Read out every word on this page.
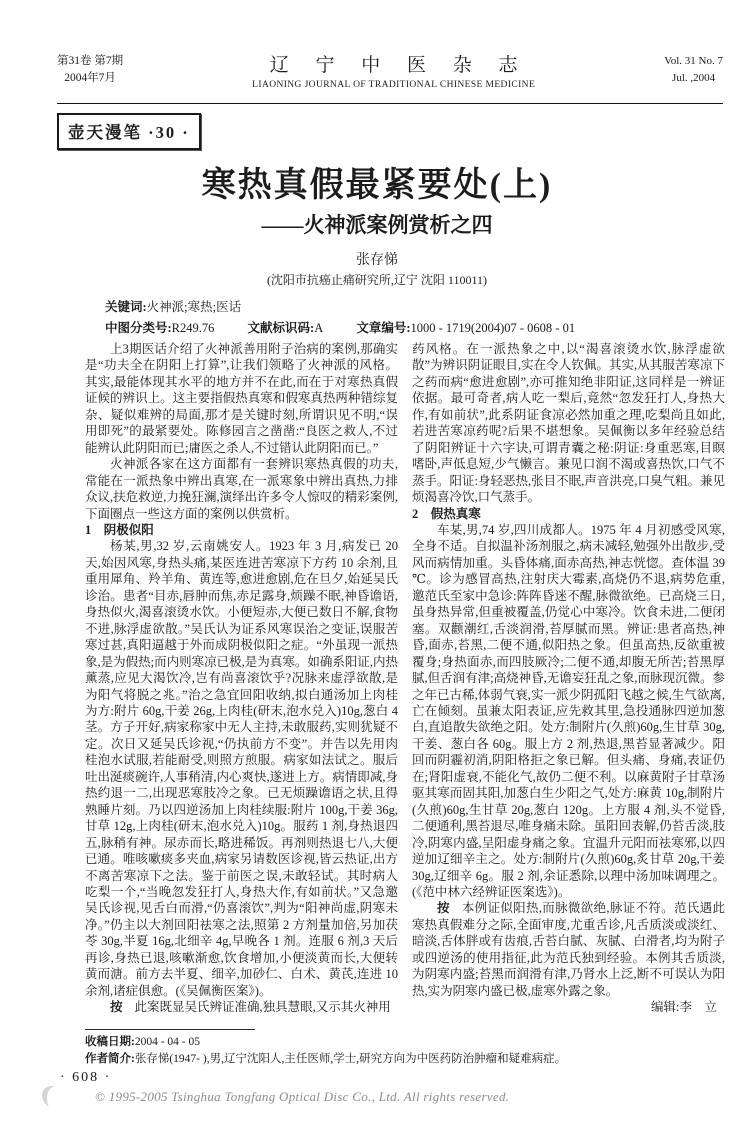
第31卷 第7期
2004年7月
辽 宁 中 医 杂 志
LIAONING JOURNAL OF TRADITIONAL CHINESE MEDICINE
Vol. 31 No. 7
Jul. ,2004
壶天漫笔 ·30 ·
寒热真假最紧要处(上)
——火神派案例赏析之四
张存悌
(沈阳市抗癌止痛研究所,辽宁 沈阳 110011)
关键词:火神派;寒热;医话
中图分类号:R249.76	文献标识码:A	文章编号:1000 - 1719(2004)07 - 0608 - 01

上3期医话介绍了火神派善用附子治病的案例,那确实是“功夫全在阴阳上打算”,让我们领略了火神派的风格。其实,最能体现其水平的地方并不在此,而在于对寒热真假证候的辨识上。这主要指假热真寒和假寒真热两种错综复杂、疑似难辨的局面,那才是关键时刻,所谓识见不明,“误用即死”的最紧要处。陈修园言之凿凿:“良医之救人,不过能辨认此阴阳而已;庸医之杀人,不过错认此阴阳而已。”

火神派各家在这方面都有一套辨识寒热真假的功夫,常能在一派热象中辨出真寒,在一派寒象中辨出真热,力排众议,扶危救逆,力挽狂澜,演绎出许多令人惊叹的精彩案例,下面圈点一些这方面的案例以供赏析。

1　阴极似阳

杨某,男,32 岁,云南姚安人。1923 年 3 月,病发已 20 天,始因风寒,身热头痛,某医连进苦寒凉下方药 10 余剂,且重用犀角、羚羊角、黄连等,愈进愈剧,危在旦夕,始延吴氏诊治。患者“目赤,唇肿而焦,赤足露身,烦躁不眠,神昏谵语,身热似火,渴喜滚烫水饮。小便短赤,大便已数日不解,食物不进,脉浮虚欲散。”吴氏认为证系风寒误治之变证,误服苦寒过甚,真阳逼越于外而成阴极似阳之症。“外虽现一派热象,是为假热;而内则寒凉已极,是为真寒。如确系阳证,内热薰蒸,应见大渴饮冷,岂有尚喜滚饮乎?况脉来虚浮欲散,是为阳气将脱之兆。”治之急宜回阳收纳,拟白通汤加上肉桂为方:附片 60g,干姜 26g,上肉桂(研末,泡水兑入)10g,葱白 4 茎。方子开好,病家称家中无人主持,未敢服药,实则犹疑不定。次日又延吴氏诊视,“仍执前方不变”。并告以先用肉桂泡水试服,若能耐受,则照方煎服。病家如法试之。服后吐出涎痰碗许,人事稍清,内心爽快,遂进上方。病情即减,身热约退一二,出现恶寒肢冷之象。已无烦躁谵语之状,且得熟睡片刻。乃以四逆汤加上肉桂续服:附片 100g,干姜 36g,甘草 12g,上肉桂(研末,泡水兑入)10g。服药 1 剂,身热退四五,脉稍有神。尿赤而长,略进稀饭。再剂则热退七八,大便已通。唯咳嗽痰多夹血,病家另请数医诊视,皆云热证,出方不离苦寒凉下之法。鉴于前医之误,未敢轻试。其时病人吃梨一个,“当晚忽发狂打人,身热大作,有如前状。”又急邀吴氏诊视,见舌白而滑,“仍喜滚饮”,判为“阳神尚虚,阴寒未净。”仍主以大剂回阳祛寒之法,照第 2 方剂量加倍,另加茯苓 30g,半夏 16g,北细辛 4g,早晚各 1 剂。连服 6 剂,3 天后再诊,身热已退,咳嗽渐愈,饮食增加,小便淡黄而长,大便转黄而溏。前方去半夏、细辛,加砂仁、白术、黄芪,连进 10 余剂,诸症俱愈。(《吴佩衡医案》)。

按 此案既显吴氏辨证准确,独具慧眼,又示其火神用

药风格。在一派热象之中,以“渴喜滚烫水饮,脉浮虚欲散”为辨识阴证眼目,实在令人钦佩。其实,从其服苦寒凉下之药而病“愈进愈剧”,亦可推知绝非阳证,这同样是一辨证依据。最可奇者,病人吃一梨后,竟然“忽发狂打人,身热大作,有如前状”,此系阴证食凉必然加重之理,吃梨尚且如此,若进苦寒凉药呢?后果不堪想象。吴佩衡以多年经验总结了阴阳辨证十六字诀,可谓青囊之秘:阴证:身重恶寒,目瞑嗜卧,声低息短,少气懒言。兼见口润不渴或喜热饮,口气不蒸手。阳证:身轻恶热,张目不眠,声音洪亮,口臭气粗。兼见烦渴喜冷饮,口气蒸手。

2　假热真寒

车某,男,74 岁,四川成都人。1975 年 4 月初感受风寒,全身不适。自拟温补汤剂服之,病未减轻,勉强外出散步,受风而病情加重。头昏体痛,面赤高热,神志恍惚。查体温 39 ℃。诊为感冒高热,注射庆大霉素,高烧仍不退,病势危重,邀范氏至家中急诊:阵阵昏迷不醒,脉微欲绝。已高烧三日,虽身热异常,但重被覆盖,仍觉心中寒冷。饮食未进,二便闭塞。双颧潮红,舌淡润滑,苔厚腻而黑。辨证:患者高热,神昏,面赤,苔黑,二便不通,似阳热之象。但虽高热,反欲重被覆身;身热面赤,而四肢厥冷;二便不通,却腹无所苦;苔黑厚腻,但舌润有津;高烧神昏,无谵妄狂乱之象,而脉现沉微。参之年已古稀,体弱气衰,实一派少阴孤阳飞越之候,生气欲离,亡在倾刻。虽兼太阳表证,应先救其里,急投通脉四逆加葱白,直追散失欲绝之阳。处方:制附片(久煎)60g,生甘草 30g,干姜、葱白各 60g。服上方 2 剂,热退,黑苔显著减少。阳回而阴霾初消,阴阳格拒之象已解。但头痛、身痛,表证仍在;肾阳虚衰,不能化气,故仍二便不利。以麻黄附子甘草汤驱其寒而固其阳,加葱白生少阳之气,处方:麻黄 10g,制附片(久煎)60g,生甘草 20g,葱白 120g。上方服 4 剂,头不觉昏,二便通利,黑苔退尽,唯身痛未除。虽阳回表解,仍苔舌淡,肢冷,阴寒内盛,呈阳虚身痛之象。宜温升元阳而祛寒邪,以四逆加辽细辛主之。处方:制附片(久煎)60g,炙甘草 20g,干姜 30g,辽细辛 6g。服 2 剂,余证悉除,以理中汤加味调理之。(《范中林六经辨证医案选》)。

按 本例证似阳热,而脉微欲绝,脉证不符。范氏遇此寒热真假难分之际,全面审度,尤重舌诊,凡舌质淡或淡红、暗淡,舌体胖或有齿痕,舌苔白腻、灰腻、白滑者,均为附子或四逆汤的使用指征,此为范氏独到经验。本例其舌质淡,为阴寒内盛;苔黑而润滑有津,乃肾水上泛,断不可误认为阳热,实为阴寒内盛已极,虚寒外露之象。

编辑:李　立

收稿日期:2004 - 04 - 05
作者简介:张存悌(1947- ),男,辽宁沈阳人,主任医师,学士,研究方向为中医药防治肿瘤和疑难病症。
· 608 ·
© 1995-2005 Tsinghua Tongfang Optical Disc Co., Ltd. All rights reserved.
